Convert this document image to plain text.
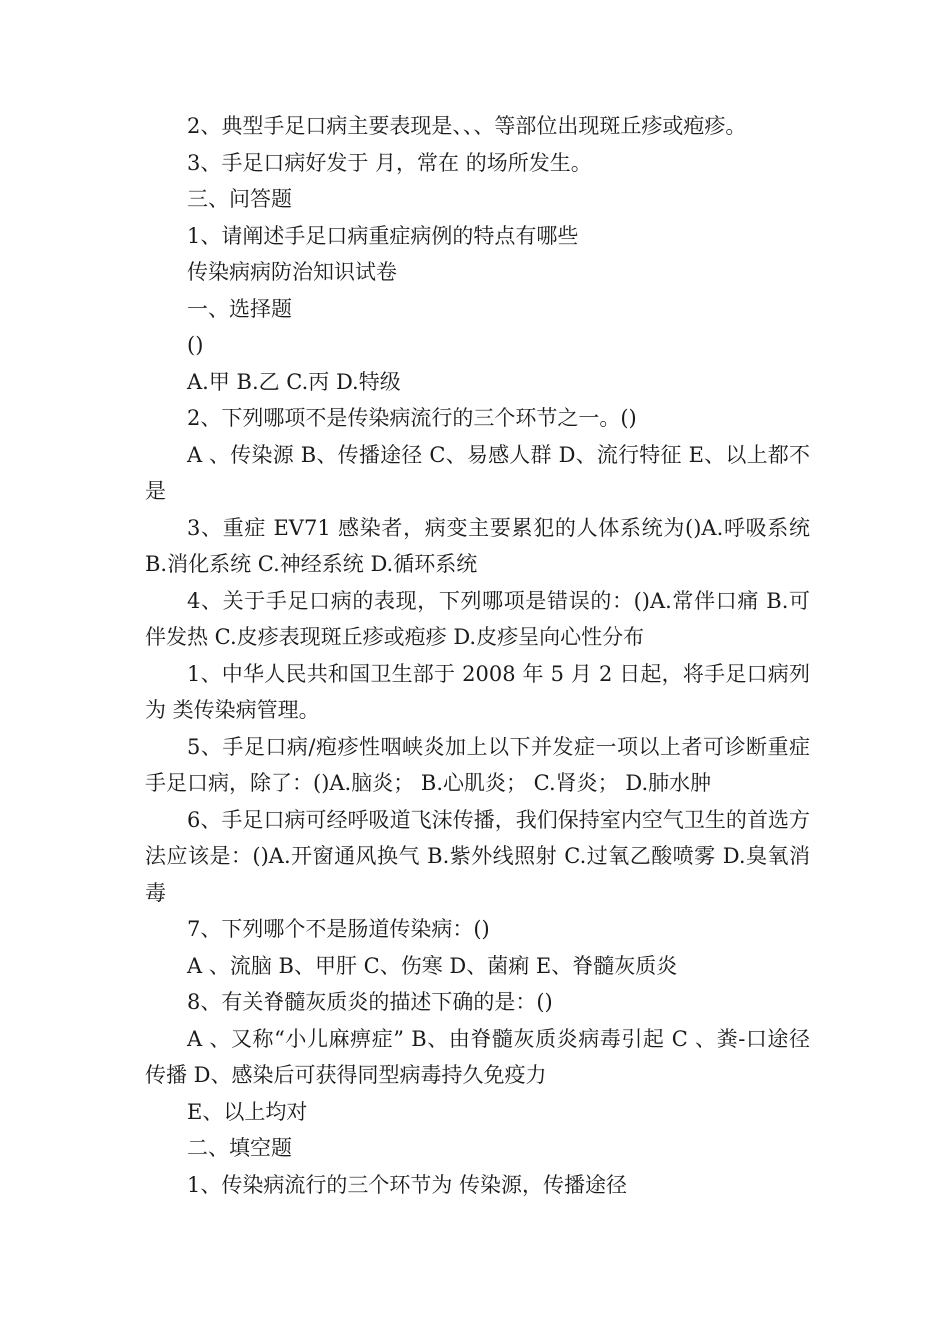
2、典型手足口病主要表现是、、、等部位出现斑丘疹或疱疹。

3、手足口病好发于 月，常在 的场所发生。

三、问答题

1、请阐述手足口病重症病例的特点有哪些

传染病病防治知识试卷

一、选择题

()

A.甲 B.乙 C.丙 D.特级

2、下列哪项不是传染病流行的三个环节之一。()

A 、传染源 B、传播途径 C、易感人群 D、流行特征 E、以上都不是

3、重症 EV71 感染者，病变主要累犯的人体系统为()A.呼吸系统 B.消化系统 C.神经系统 D.循环系统

4、关于手足口病的表现，下列哪项是错误的：()A.常伴口痛 B.可伴发热 C.皮疹表现斑丘疹或疱疹 D.皮疹呈向心性分布

1、中华人民共和国卫生部于 2008 年 5 月 2 日起，将手足口病列为 类传染病管理。

5、手足口病/疱疹性咽峡炎加上以下并发症一项以上者可诊断重症手足口病，除了：()A.脑炎； B.心肌炎； C.肾炎； D.肺水肿

6、手足口病可经呼吸道飞沫传播，我们保持室内空气卫生的首选方法应该是：()A.开窗通风换气 B.紫外线照射 C.过氧乙酸喷雾 D.臭氧消毒

7、下列哪个不是肠道传染病：()

A 、流脑 B、甲肝 C、伤寒 D、菌痢 E、脊髓灰质炎

8、有关脊髓灰质炎的描述下确的是：()

A 、又称“小儿麻痹症” B、由脊髓灰质炎病毒引起 C 、粪-口途径传播 D、感染后可获得同型病毒持久免疫力

E、以上均对

二、填空题

1、传染病流行的三个环节为 传染源，传播途径
